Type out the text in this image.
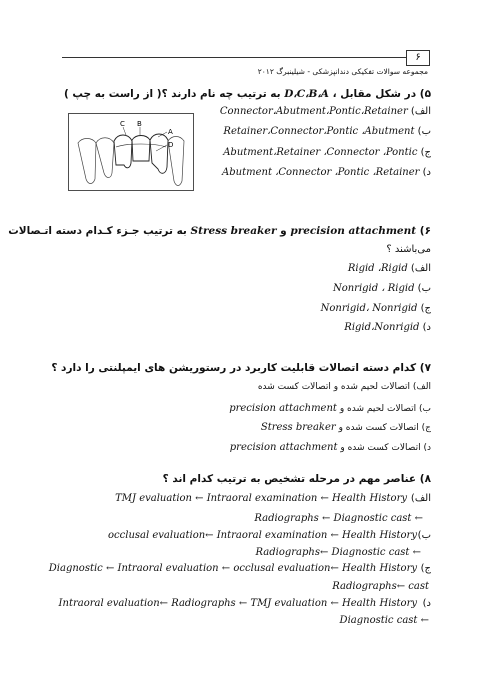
۶
مجموعه سوالات تفکیکی دندانپزشکی - شیلینبرگ ۲۰۱۲
۵) در شکل مقابل ، D،C،B،A به ترتیب چه نام دارند ؟( از راست به چپ )
C B
A
D
الف) Connector،Abutment،Pontic،Retainer
ب) Retainer،Connector،Pontic ،Abutment
ج) Abutment،Retainer ،Connector ،Pontic
د) Abutment ،Connector ،Pontic ،Retainer
۶) precision attachment و Stress breaker به ترتیب جـزء کـدام دسته اتـصالات
می‌باشند ؟
الف) Rigid ،Rigid
ب) Nonrigid ، Rigid
ج) Nonrigid، Nonrigid
د) Rigid،Nonrigid
۷) کدام دسته اتصالات قابلیت کاربرد در رستوریشن های ایمپلنتی را دارد ؟
الف) اتصالات لحیم شده و اتصالات کست شده
ب) اتصالات لحیم شده و precision attachment
ج) اتصالات کست شده و Stress breaker
د) اتصالات کست شده و precision attachment
۸) عناصر مهم در مرحله تشخیص به ترتیب کدام اند ؟
الف)
TMJ evaluation ← Intraoral examination ← Health History
Radiographs ← Diagnostic cast ←
ب)
occlusal evaluation← Intraoral examination ← Health History
Radiographs← Diagnostic cast ←
ج)
Diagnostic ← Intraoral evaluation ← occlusal evaluation← Health History
Radiographs← cast
د)
Intraoral evaluation← Radiographs ← TMJ evaluation ← Health History
Diagnostic cast ←
